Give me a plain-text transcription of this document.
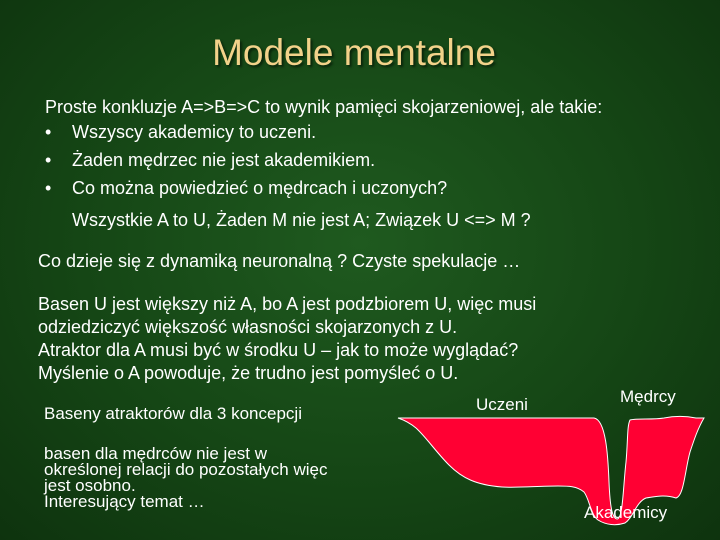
Modele mentalne
Proste konkluzje A=>B=>C to wynik pamięci skojarzeniowej, ale takie:
• Wszyscy akademicy to uczeni.
• Żaden mędrzec nie jest akademikiem.
• Co można powiedzieć o mędrcach i uczonych?
Wszystkie A to U, Żaden M nie jest A; Związek U <=> M ?
Co dzieje się z dynamiką neuronalną ? Czyste spekulacje …
Basen U jest większy niż A, bo A jest podzbiorem U, więc musi
odziedziczyć większość własności skojarzonych z U.
Atraktor dla A musi być w środku U – jak to może wyglądać?
Myślenie o A powoduje, że trudno jest pomyśleć o U.
Baseny atraktorów dla 3 koncepcji	Uczeni	Mędrcy
Akademicy
basen dla mędrców nie jest w
określonej relacji do pozostałych więc
jest osobno.
Interesujący temat …
